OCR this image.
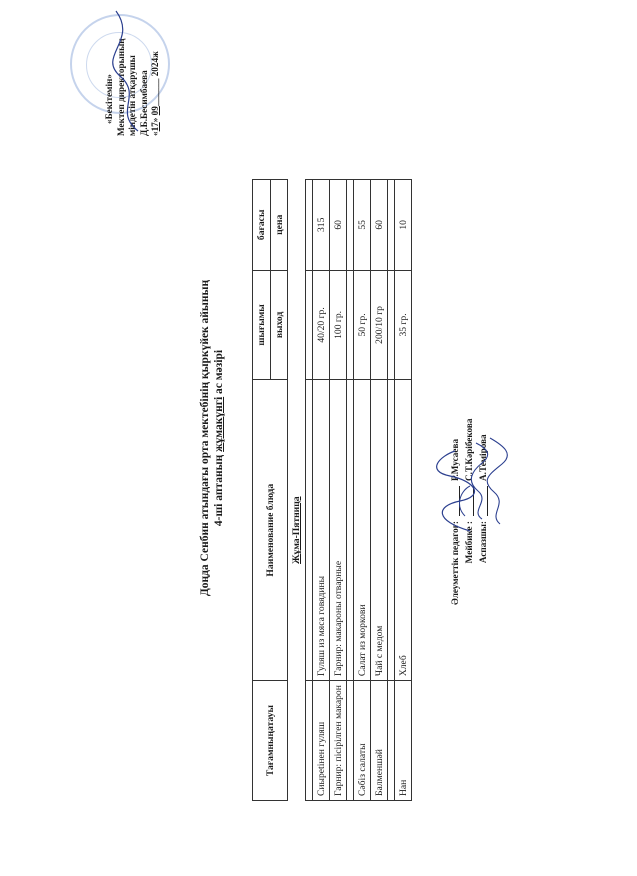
Доңда Сенбин атындағы орта мектебінің қыркүйек айының 4-ші аптаның жұмакүнгі ас мәзірі
«Бекітемін» Мектеп директорының міндетін атқарушы Д.Б.Бесимбаева «17» 09______ 2024ж
Тағамныңатауы	Наименование блюда	шығымы	бағасы
		выход	цена
	Жұма-Пятница		

Сиырetінен гуляш	Гуляш из мяса говядины	40/20 гр.	315
Гарнир: пісірілген макарон	Гарнир: макароны отварные	100 гр.	60

Сәбіз салаты	Салат из моркови	50 гр.	55
Балменшәй	Чай с медом	200/10 гр	60

Нан	Хлеб	35 гр.	10
Әлеуметтік педагог:
Р.Мусаева
Мейбике :
С.Т.Кәрібекова
Аспазшы:
А.Темірова
